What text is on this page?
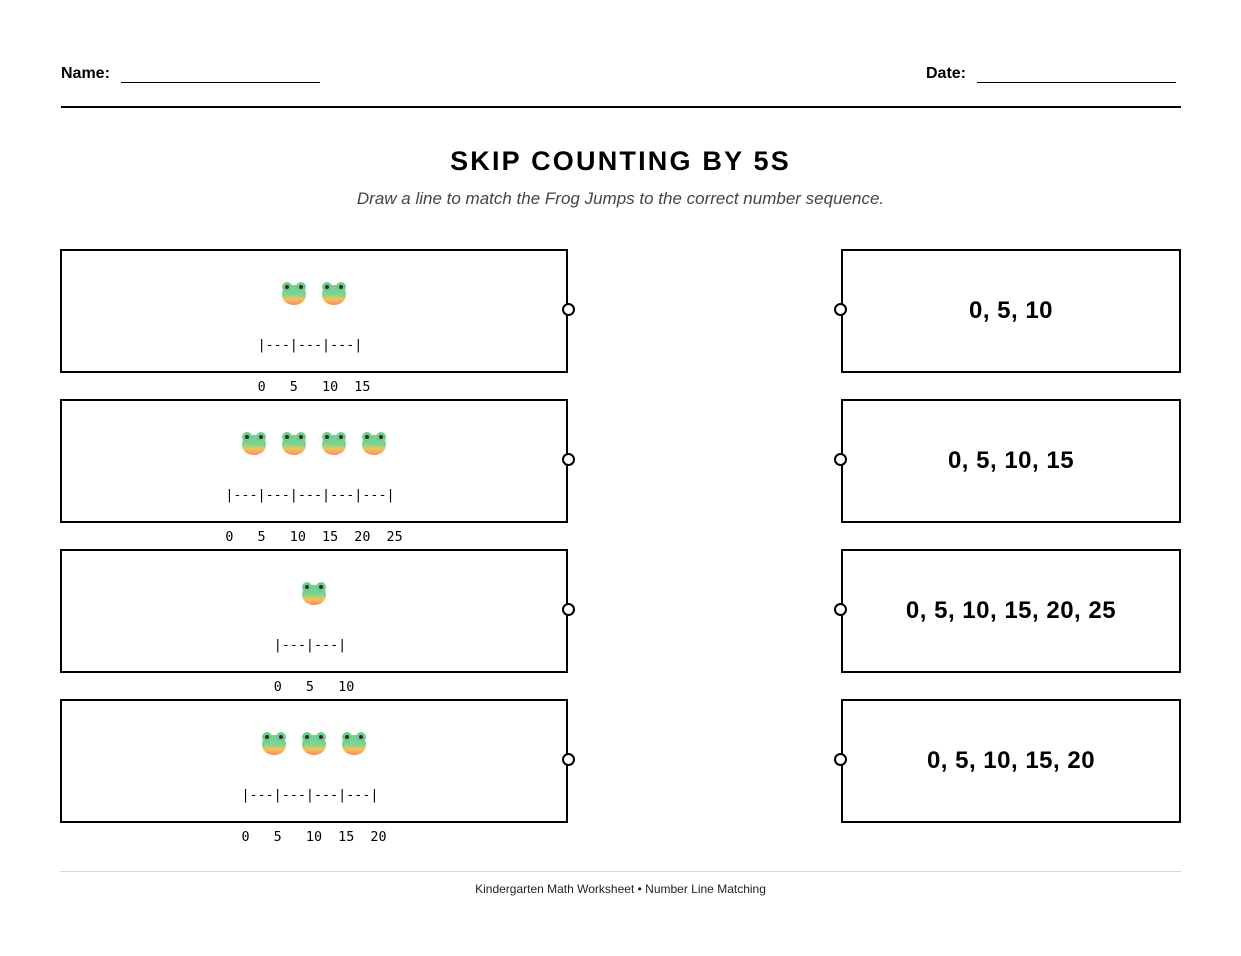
Name:	Date:
SKIP COUNTING BY 5S
Draw a line to match the Frog Jumps to the correct number sequence.

|---|---|---|

0   5   10  15

|---|---|---|---|---|

0   5   10  15  20  25

|---|---|

0   5   10

|---|---|---|---|

0   5   10  15  20

0, 5, 10
0, 5, 10, 15
0, 5, 10, 15, 20, 25
0, 5, 10, 15, 20
Kindergarten Math Worksheet • Number Line Matching
